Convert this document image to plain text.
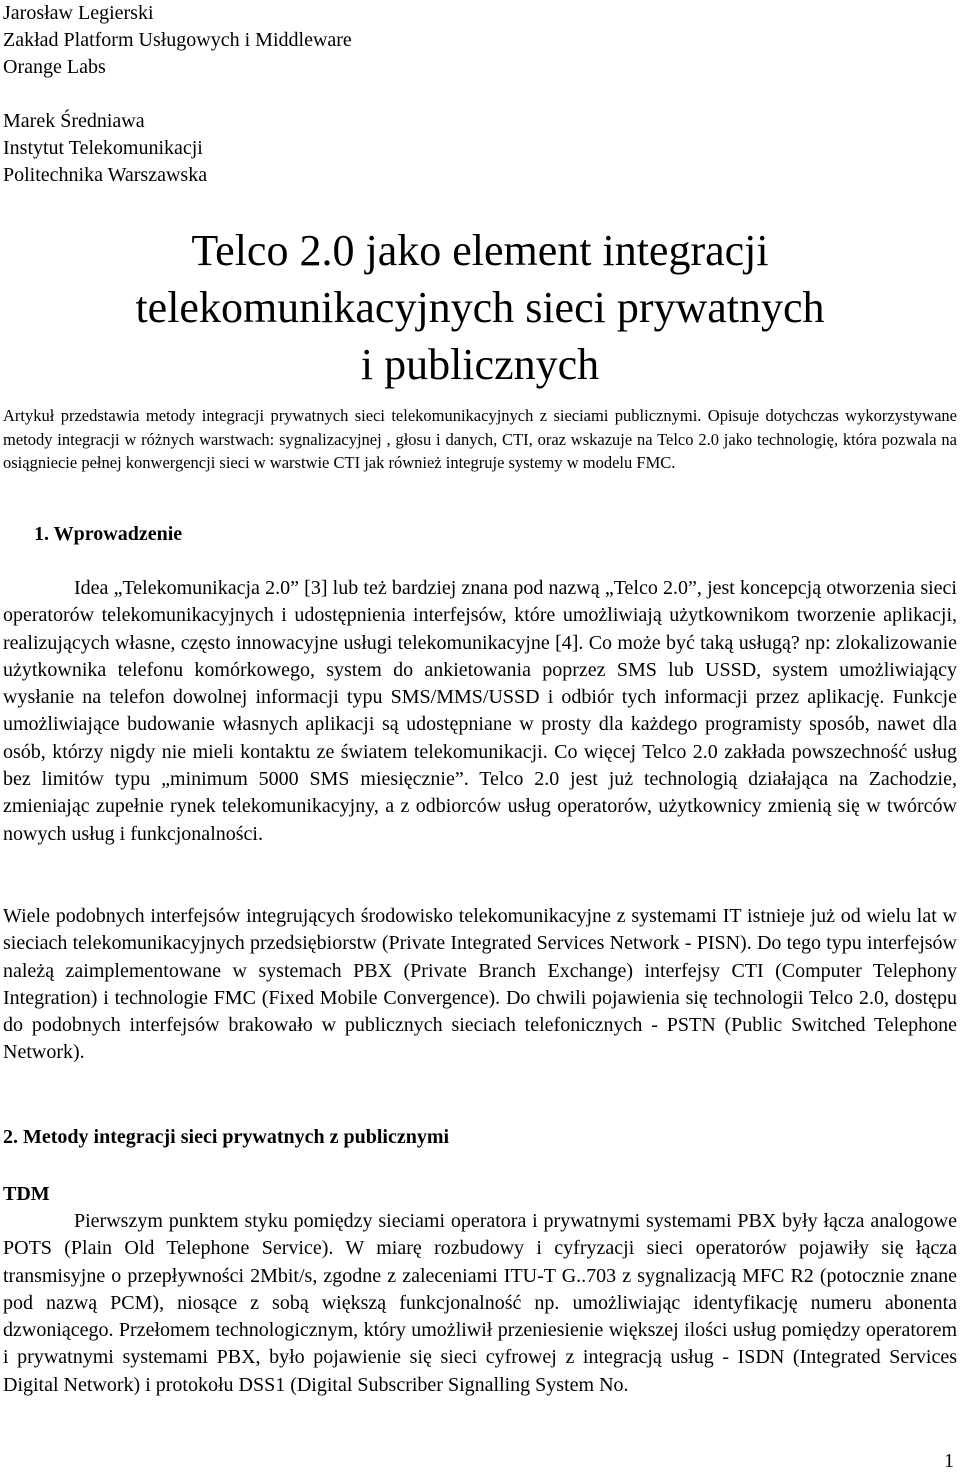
Jarosław Legierski
Zakład Platform Usługowych i Middleware
Orange Labs
Marek Średniawa
Instytut Telekomunikacji
Politechnika Warszawska
Telco 2.0 jako element integracji
telekomunikacyjnych sieci prywatnych
i publicznych
Artykuł przedstawia metody integracji prywatnych sieci telekomunikacyjnych z sieciami publicznymi. Opisuje dotychczas wykorzystywane metody integracji w różnych warstwach: sygnalizacyjnej , głosu i danych, CTI, oraz wskazuje na Telco 2.0 jako technologię, która pozwala na osiągniecie pełnej konwergencji sieci w warstwie CTI jak również integruje systemy w modelu FMC.
1. Wprowadzenie
Idea „Telekomunikacja 2.0” [3] lub też bardziej znana pod nazwą „Telco 2.0”, jest koncepcją otworzenia sieci operatorów telekomunikacyjnych i udostępnienia interfejsów, które umożliwiają użytkownikom tworzenie aplikacji, realizujących własne, często innowacyjne usługi telekomunikacyjne [4]. Co może być taką usługą? np: zlokalizowanie użytkownika telefonu komórkowego, system do ankietowania poprzez SMS lub USSD, system umożliwiający wysłanie na telefon dowolnej informacji typu SMS/MMS/USSD i odbiór tych informacji przez aplikację. Funkcje umożliwiające budowanie własnych aplikacji są udostępniane w prosty dla każdego programisty sposób, nawet dla osób, którzy nigdy nie mieli kontaktu ze światem telekomunikacji. Co więcej Telco 2.0 zakłada powszechność usług bez limitów typu „minimum 5000 SMS miesięcznie”. Telco 2.0 jest już technologią działająca na Zachodzie, zmieniając zupełnie rynek telekomunikacyjny, a z odbiorców usług operatorów, użytkownicy zmienią się w twórców nowych usług i funkcjonalności.
Wiele podobnych interfejsów integrujących środowisko telekomunikacyjne z systemami IT istnieje już od wielu lat w sieciach telekomunikacyjnych przedsiębiorstw (Private Integrated Services Network - PISN). Do tego typu interfejsów należą zaimplementowane w systemach PBX (Private Branch Exchange) interfejsy CTI (Computer Telephony Integration) i technologie FMC (Fixed Mobile Convergence). Do chwili pojawienia się technologii Telco 2.0, dostępu do podobnych interfejsów brakowało w publicznych sieciach telefonicznych - PSTN (Public Switched Telephone Network).
2. Metody integracji sieci prywatnych z publicznymi
TDM
Pierwszym punktem styku pomiędzy sieciami operatora i prywatnymi systemami PBX były łącza analogowe POTS (Plain Old Telephone Service). W miarę rozbudowy i cyfryzacji sieci operatorów pojawiły się łącza transmisyjne o przepływności 2Mbit/s, zgodne z zaleceniami ITU-T G..703 z sygnalizacją MFC R2 (potocznie znane pod nazwą PCM), niosące z sobą większą funkcjonalność np. umożliwiając identyfikację numeru abonenta dzwoniącego. Przełomem technologicznym, który umożliwił przeniesienie większej ilości usług pomiędzy operatorem i prywatnymi systemami PBX, było pojawienie się sieci cyfrowej z integracją usług - ISDN (Integrated Services Digital Network) i protokołu DSS1 (Digital Subscriber Signalling System No.
1
